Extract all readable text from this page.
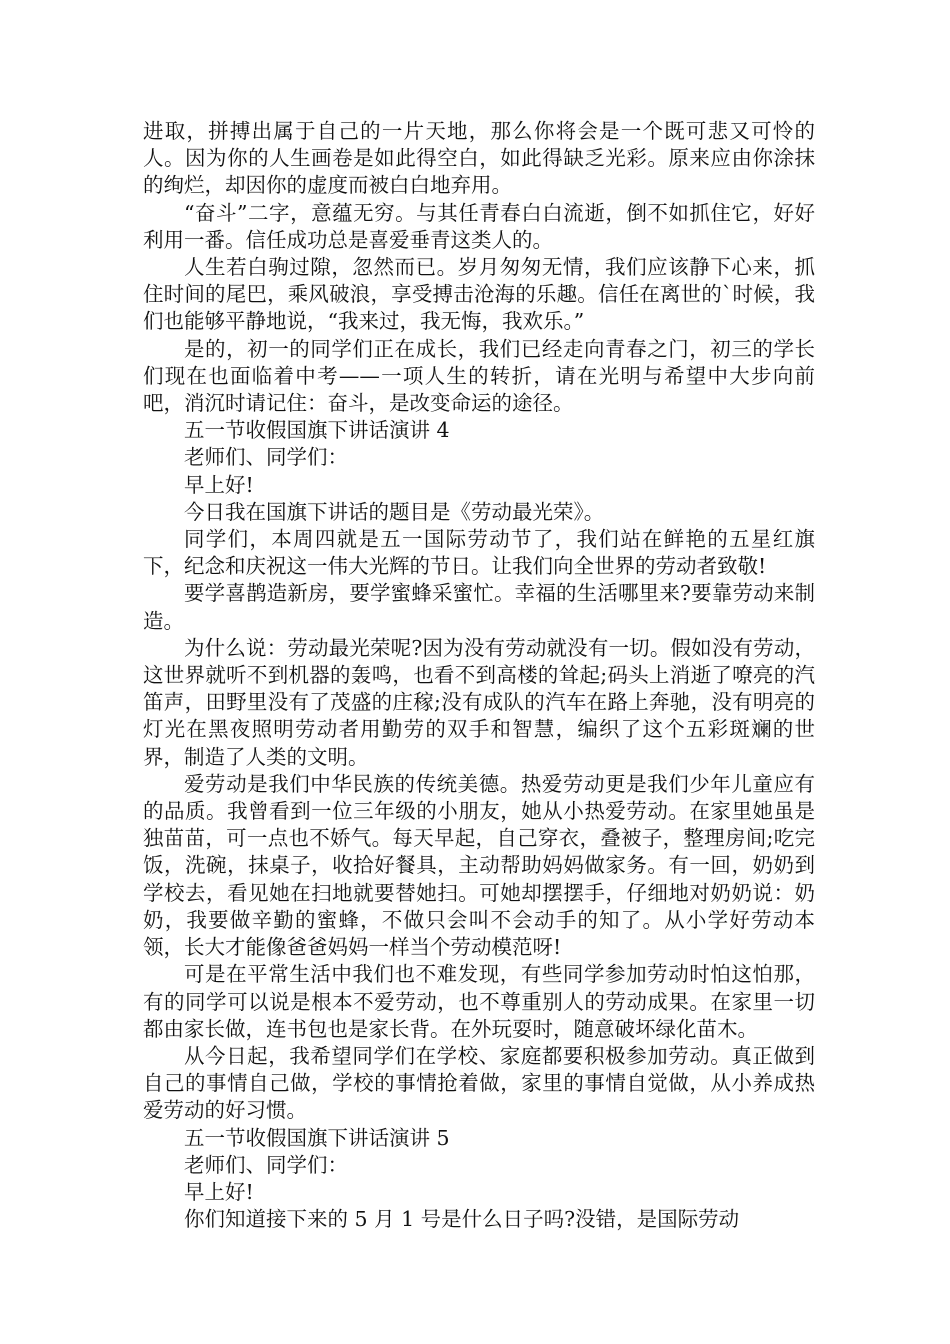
进取，拼搏出属于自己的一片天地，那么你将会是一个既可悲又可怜的人。因为你的人生画卷是如此得空白，如此得缺乏光彩。原来应由你涂抹的绚烂，却因你的虚度而被白白地弃用。

“奋斗”二字，意蕴无穷。与其任青春白白流逝，倒不如抓住它，好好利用一番。信任成功总是喜爱垂青这类人的。

人生若白驹过隙，忽然而已。岁月匆匆无情，我们应该静下心来，抓住时间的尾巴，乘风破浪，享受搏击沧海的乐趣。信任在离世的`时候，我们也能够平静地说，“我来过，我无悔，我欢乐。”

是的，初一的同学们正在成长，我们已经走向青春之门，初三的学长们现在也面临着中考——一项人生的转折，请在光明与希望中大步向前吧，消沉时请记住：奋斗，是改变命运的途径。

五一节收假国旗下讲话演讲 4

老师们、同学们：

早上好!

今日我在国旗下讲话的题目是《劳动最光荣》。

同学们，本周四就是五一国际劳动节了，我们站在鲜艳的五星红旗下，纪念和庆祝这一伟大光辉的节日。让我们向全世界的劳动者致敬!

要学喜鹊造新房，要学蜜蜂采蜜忙。幸福的生活哪里来?要靠劳动来制造。

为什么说：劳动最光荣呢?因为没有劳动就没有一切。假如没有劳动，这世界就听不到机器的轰鸣，也看不到高楼的耸起;码头上消逝了嘹亮的汽笛声，田野里没有了茂盛的庄稼;没有成队的汽车在路上奔驰，没有明亮的灯光在黑夜照明劳动者用勤劳的双手和智慧，编织了这个五彩斑斓的世界，制造了人类的文明。

爱劳动是我们中华民族的传统美德。热爱劳动更是我们少年儿童应有的品质。我曾看到一位三年级的小朋友，她从小热爱劳动。在家里她虽是独苗苗，可一点也不娇气。每天早起，自己穿衣，叠被子，整理房间;吃完饭，洗碗，抹桌子，收拾好餐具，主动帮助妈妈做家务。有一回，奶奶到学校去，看见她在扫地就要替她扫。可她却摆摆手，仔细地对奶奶说：奶奶，我要做辛勤的蜜蜂，不做只会叫不会动手的知了。从小学好劳动本领，长大才能像爸爸妈妈一样当个劳动模范呀!

可是在平常生活中我们也不难发现，有些同学参加劳动时怕这怕那，有的同学可以说是根本不爱劳动，也不尊重别人的劳动成果。在家里一切都由家长做，连书包也是家长背。在外玩耍时，随意破坏绿化苗木。

从今日起，我希望同学们在学校、家庭都要积极参加劳动。真正做到自己的事情自己做，学校的事情抢着做，家里的事情自觉做，从小养成热爱劳动的好习惯。

五一节收假国旗下讲话演讲 5

老师们、同学们：

早上好!

你们知道接下来的 5 月 1 号是什么日子吗?没错，是国际劳动
